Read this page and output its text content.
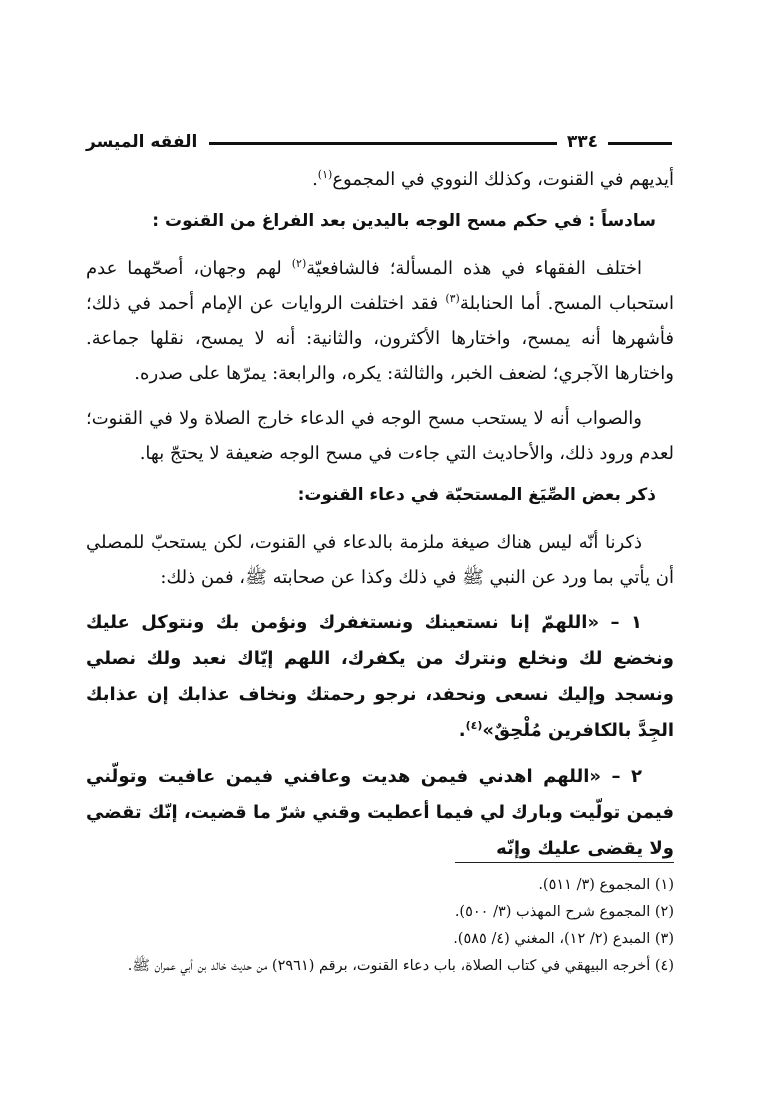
الفقه الميسر	٣٣٤

أيديهم في القنوت، وكذلك النووي في المجموع$^{(١)}$.

سادساً : في حكم مسح الوجه باليدين بعد الفراغ من القنوت :

اختلف الفقهاء في هذه المسألة؛ فالشافعيّة$^{(٢)}$ لهم وجهان، أصحّهما عدم استحباب المسح. أما الحنابلة$^{(٣)}$ فقد اختلفت الروايات عن الإمام أحمد في ذلك؛ فأشهرها أنه يمسح، واختارها الأكثرون، والثانية: أنه لا يمسح، نقلها جماعة. واختارها الآجري؛ لضعف الخبر، والثالثة: يكره، والرابعة: يمرّها على صدره.

والصواب أنه لا يستحب مسح الوجه في الدعاء خارج الصلاة ولا في القنوت؛ لعدم ورود ذلك، والأحاديث التي جاءت في مسح الوجه ضعيفة لا يحتجّ بها.

ذكر بعض الصِّيَغ المستحبّة في دعاء القنوت:

ذكرنا أنّه ليس هناك صيغة ملزمة بالدعاء في القنوت، لكن يستحبّ للمصلي أن يأتي بما ورد عن النبي ﷺ في ذلك وكذا عن صحابته ﷺ، فمن ذلك:

١ – «اللهمّ إنا نستعينك ونستغفرك ونؤمن بك ونتوكل عليك ونخضع لك ونخلع ونترك من يكفرك، اللهم إيّاك نعبد ولك نصلي ونسجد وإليك نسعى ونحفد، نرجو رحمتك ونخاف عذابك إن عذابك الجِدَّ بالكافرين مُلْحِقٌ»$^{(٤)}$.

٢ – «اللهم اهدني فيمن هديت وعافني فيمن عافيت وتولّني فيمن تولّيت وبارك لي فيما أعطيت وقني شرّ ما قضيت، إنّك تقضي ولا يقضى عليك وإنّه

(١) المجموع (٣/ ٥١١).

(٢) المجموع شرح المهذب (٣/ ٥٠٠).

(٣) المبدع (٢/ ١٢)، المغني (٤/ ٥٨٥).

(٤) أخرجه البيهقي في كتاب الصلاة، باب دعاء القنوت، برقم (٢٩٦١) من حديث خالد بن أبي عمران ﷺ.
